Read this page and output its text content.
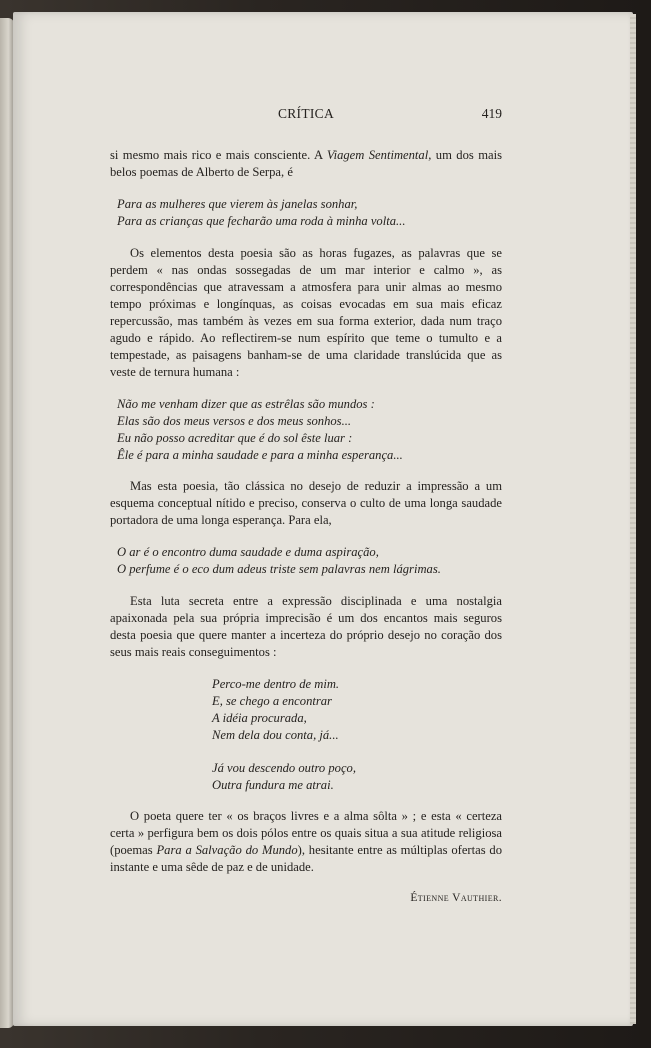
CRÍTICA	419

si mesmo mais rico e mais consciente. A Viagem Sentimental, um dos mais belos poemas de Alberto de Serpa, é

Para as mulheres que vierem às janelas sonhar,

Para as crianças que fecharão uma roda à minha volta...

Os elementos desta poesia são as horas fugazes, as palavras que se perdem « nas ondas sossegadas de um mar interior e calmo », as correspondências que atravessam a atmosfera para unir almas ao mesmo tempo próximas e longínquas, as coisas evocadas em sua mais eficaz repercussão, mas também às vezes em sua forma exterior, dada num traço agudo e rápido. Ao reflectirem-se num espírito que teme o tumulto e a tempestade, as paisagens banham-se de uma claridade translúcida que as veste de ternura humana :

Não me venham dizer que as estrêlas são mundos :

Elas são dos meus versos e dos meus sonhos...

Eu não posso acreditar que é do sol êste luar :

Êle é para a minha saudade e para a minha esperança...

Mas esta poesia, tão clássica no desejo de reduzir a impressão a um esquema conceptual nítido e preciso, conserva o culto de uma longa saudade portadora de uma longa esperança. Para ela,

O ar é o encontro duma saudade e duma aspiração,

O perfume é o eco dum adeus triste sem palavras nem lágrimas.

Esta luta secreta entre a expressão disciplinada e uma nostalgia apaixonada pela sua própria imprecisão é um dos encantos mais seguros desta poesia que quere manter a incerteza do próprio desejo no coração dos seus mais reais conseguimentos :

Perco-me dentro de mim.

E, se chego a encontrar

A idéia procurada,

Nem dela dou conta, já...

Já vou descendo outro poço,

Outra fundura me atrai.

O poeta quere ter « os braços livres e a alma sôlta » ; e esta « certeza certa » perfigura bem os dois pólos entre os quais situa a sua atitude religiosa (poemas Para a Salvação do Mundo), hesitante entre as múltiplas ofertas do instante e uma sêde de paz e de unidade.

Étienne Vauthier.
